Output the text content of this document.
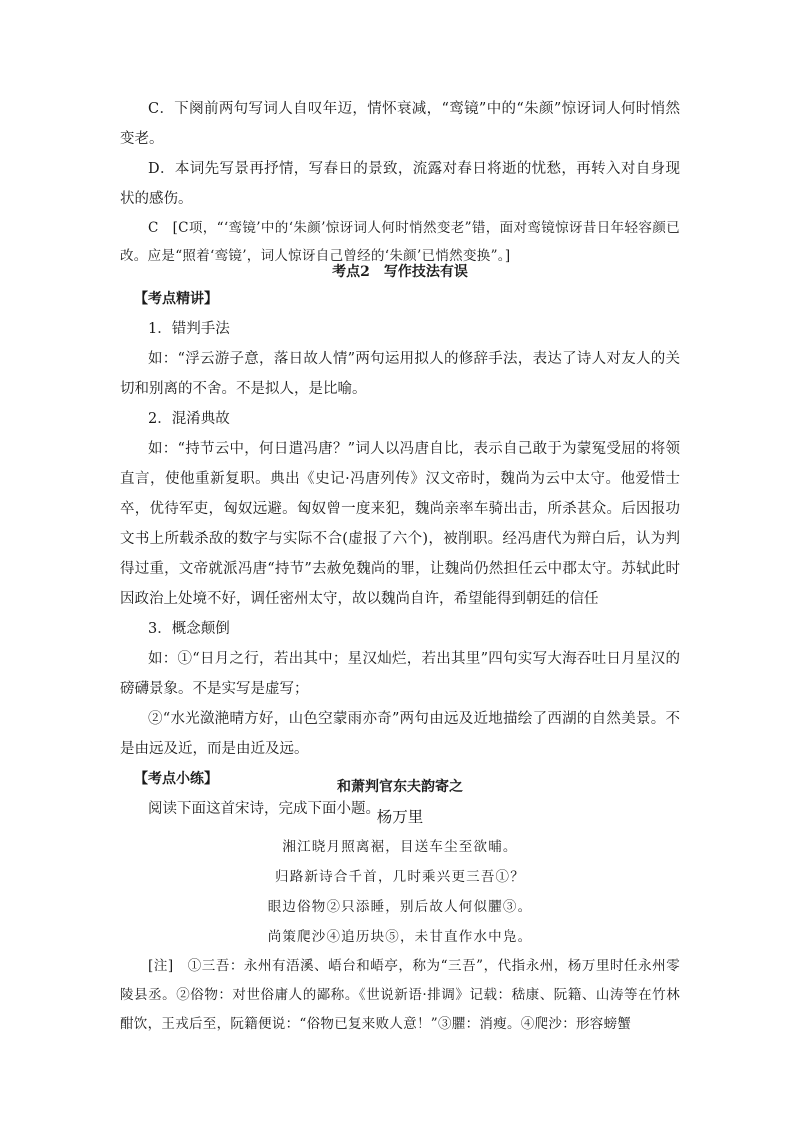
C．下阕前两句写词人自叹年迈，情怀衰减，“鸾镜”中的“朱颜”惊讶词人何时悄然变老。

D．本词先写景再抒情，写春日的景致，流露对春日将逝的忧愁，再转入对自身现状的感伤。

C　[C项，“‘鸾镜’中的‘朱颜’惊讶词人何时悄然变老”错，面对鸾镜惊讶昔日年轻容颜已改。应是“照着‘鸾镜’，词人惊讶自己曾经的‘朱颜’已悄然变换”。]

考点2　写作技法有误

【考点精讲】

1．错判手法

如：“浮云游子意，落日故人情”两句运用拟人的修辞手法，表达了诗人对友人的关切和别离的不舍。不是拟人，是比喻。

2．混淆典故

如：“持节云中，何日遣冯唐？”词人以冯唐自比，表示自己敢于为蒙冤受屈的将领直言，使他重新复职。典出《史记·冯唐列传》汉文帝时，魏尚为云中太守。他爱惜士卒，优待军吏，匈奴远避。匈奴曾一度来犯，魏尚亲率车骑出击，所杀甚众。后因报功文书上所载杀敌的数字与实际不合(虚报了六个)，被削职。经冯唐代为辩白后，认为判得过重，文帝就派冯唐“持节”去赦免魏尚的罪，让魏尚仍然担任云中郡太守。苏轼此时因政治上处境不好，调任密州太守，故以魏尚自许，希望能得到朝廷的信任

3．概念颠倒

如：①“日月之行，若出其中；星汉灿烂，若出其里”四句实写大海吞吐日月星汉的磅礴景象。不是实写是虚写；

②“水光潋滟晴方好，山色空蒙雨亦奇”两句由远及近地描绘了西湖的自然美景。不是由远及近，而是由近及远。

【考点小练】

阅读下面这首宋诗，完成下面小题。

和萧判官东夫韵寄之

杨万里

湘江晓月照离裾，目送车尘至欲晡。

归路新诗合千首，几时乘兴更三吾①？

眼边俗物②只添睡，别后故人何似臞③。

尚策爬沙④追历块⑤，未甘直作水中凫。

[注]　①三吾：永州有浯溪、峿台和峿亭，称为“三吾”，代指永州，杨万里时任永州零陵县丞。②俗物：对世俗庸人的鄙称。《世说新语·排调》记载：嵇康、阮籍、山涛等在竹林酣饮，王戎后至，阮籍便说：“俗物已复来败人意！”③臞：消瘦。④爬沙：形容螃蟹
